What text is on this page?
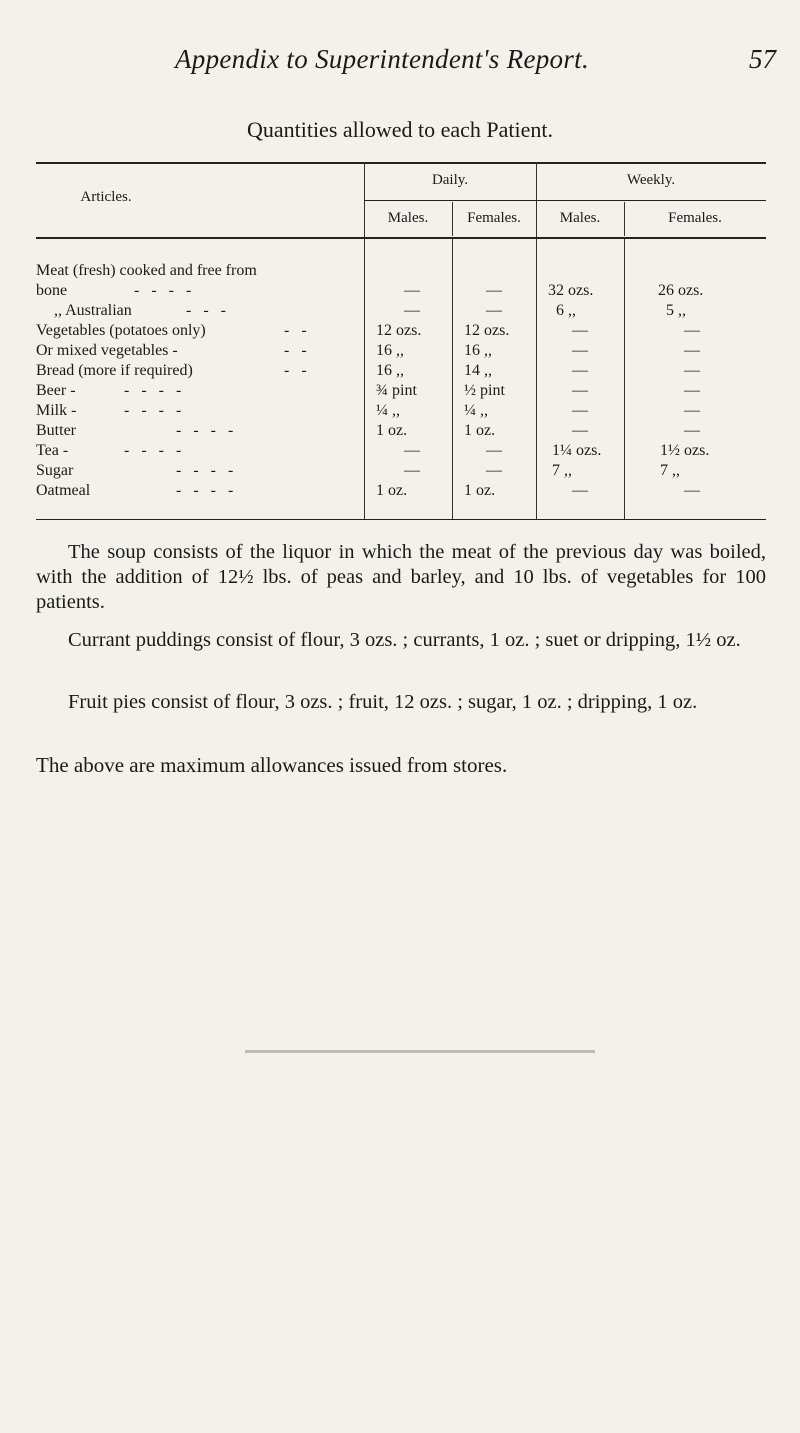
Appendix to Superintendent's Report.	57
Quantities allowed to each Patient.
Articles.
Daily.	Weekly.
Males.	Females.	Males.	Females.
Meat (fresh) cooked and free from
bone	-   -   -   -	—	—	32 ozs.	26 ozs.
,, Australian	-   -   -	—	—	6 ,,	5 ,,
Vegetables (potatoes only)	-   -	12 ozs.	12 ozs.	—	—
Or mixed vegetables -	-   -	16 ,,	16 ,,	—	—
Bread (more if required)	-   -	16 ,,	14 ,,	—	—
Beer -	-   -   -   -	¾ pint	½ pint	—	—
Milk -	-   -   -   -	¼ ,,	¼ ,,	—	—
Butter	-   -   -   -	1 oz.	1 oz.	—	—
Tea -	-   -   -   -	—	—	1¼ ozs.	1½ ozs.
Sugar	-   -   -   -	—	—	7 ,,	7 ,,
Oatmeal	-   -   -   -	1 oz.	1 oz.	—	—
The soup consists of the liquor in which the meat of the previous day was boiled, with the addition of 12½ lbs. of peas and barley, and 10 lbs. of vegetables for 100 patients.
Currant puddings consist of flour, 3 ozs. ; currants, 1 oz. ; suet or dripping, 1½ oz.
Fruit pies consist of flour, 3 ozs. ; fruit, 12 ozs. ; sugar, 1 oz. ; dripping, 1 oz.
The above are maximum allowances issued from stores.
